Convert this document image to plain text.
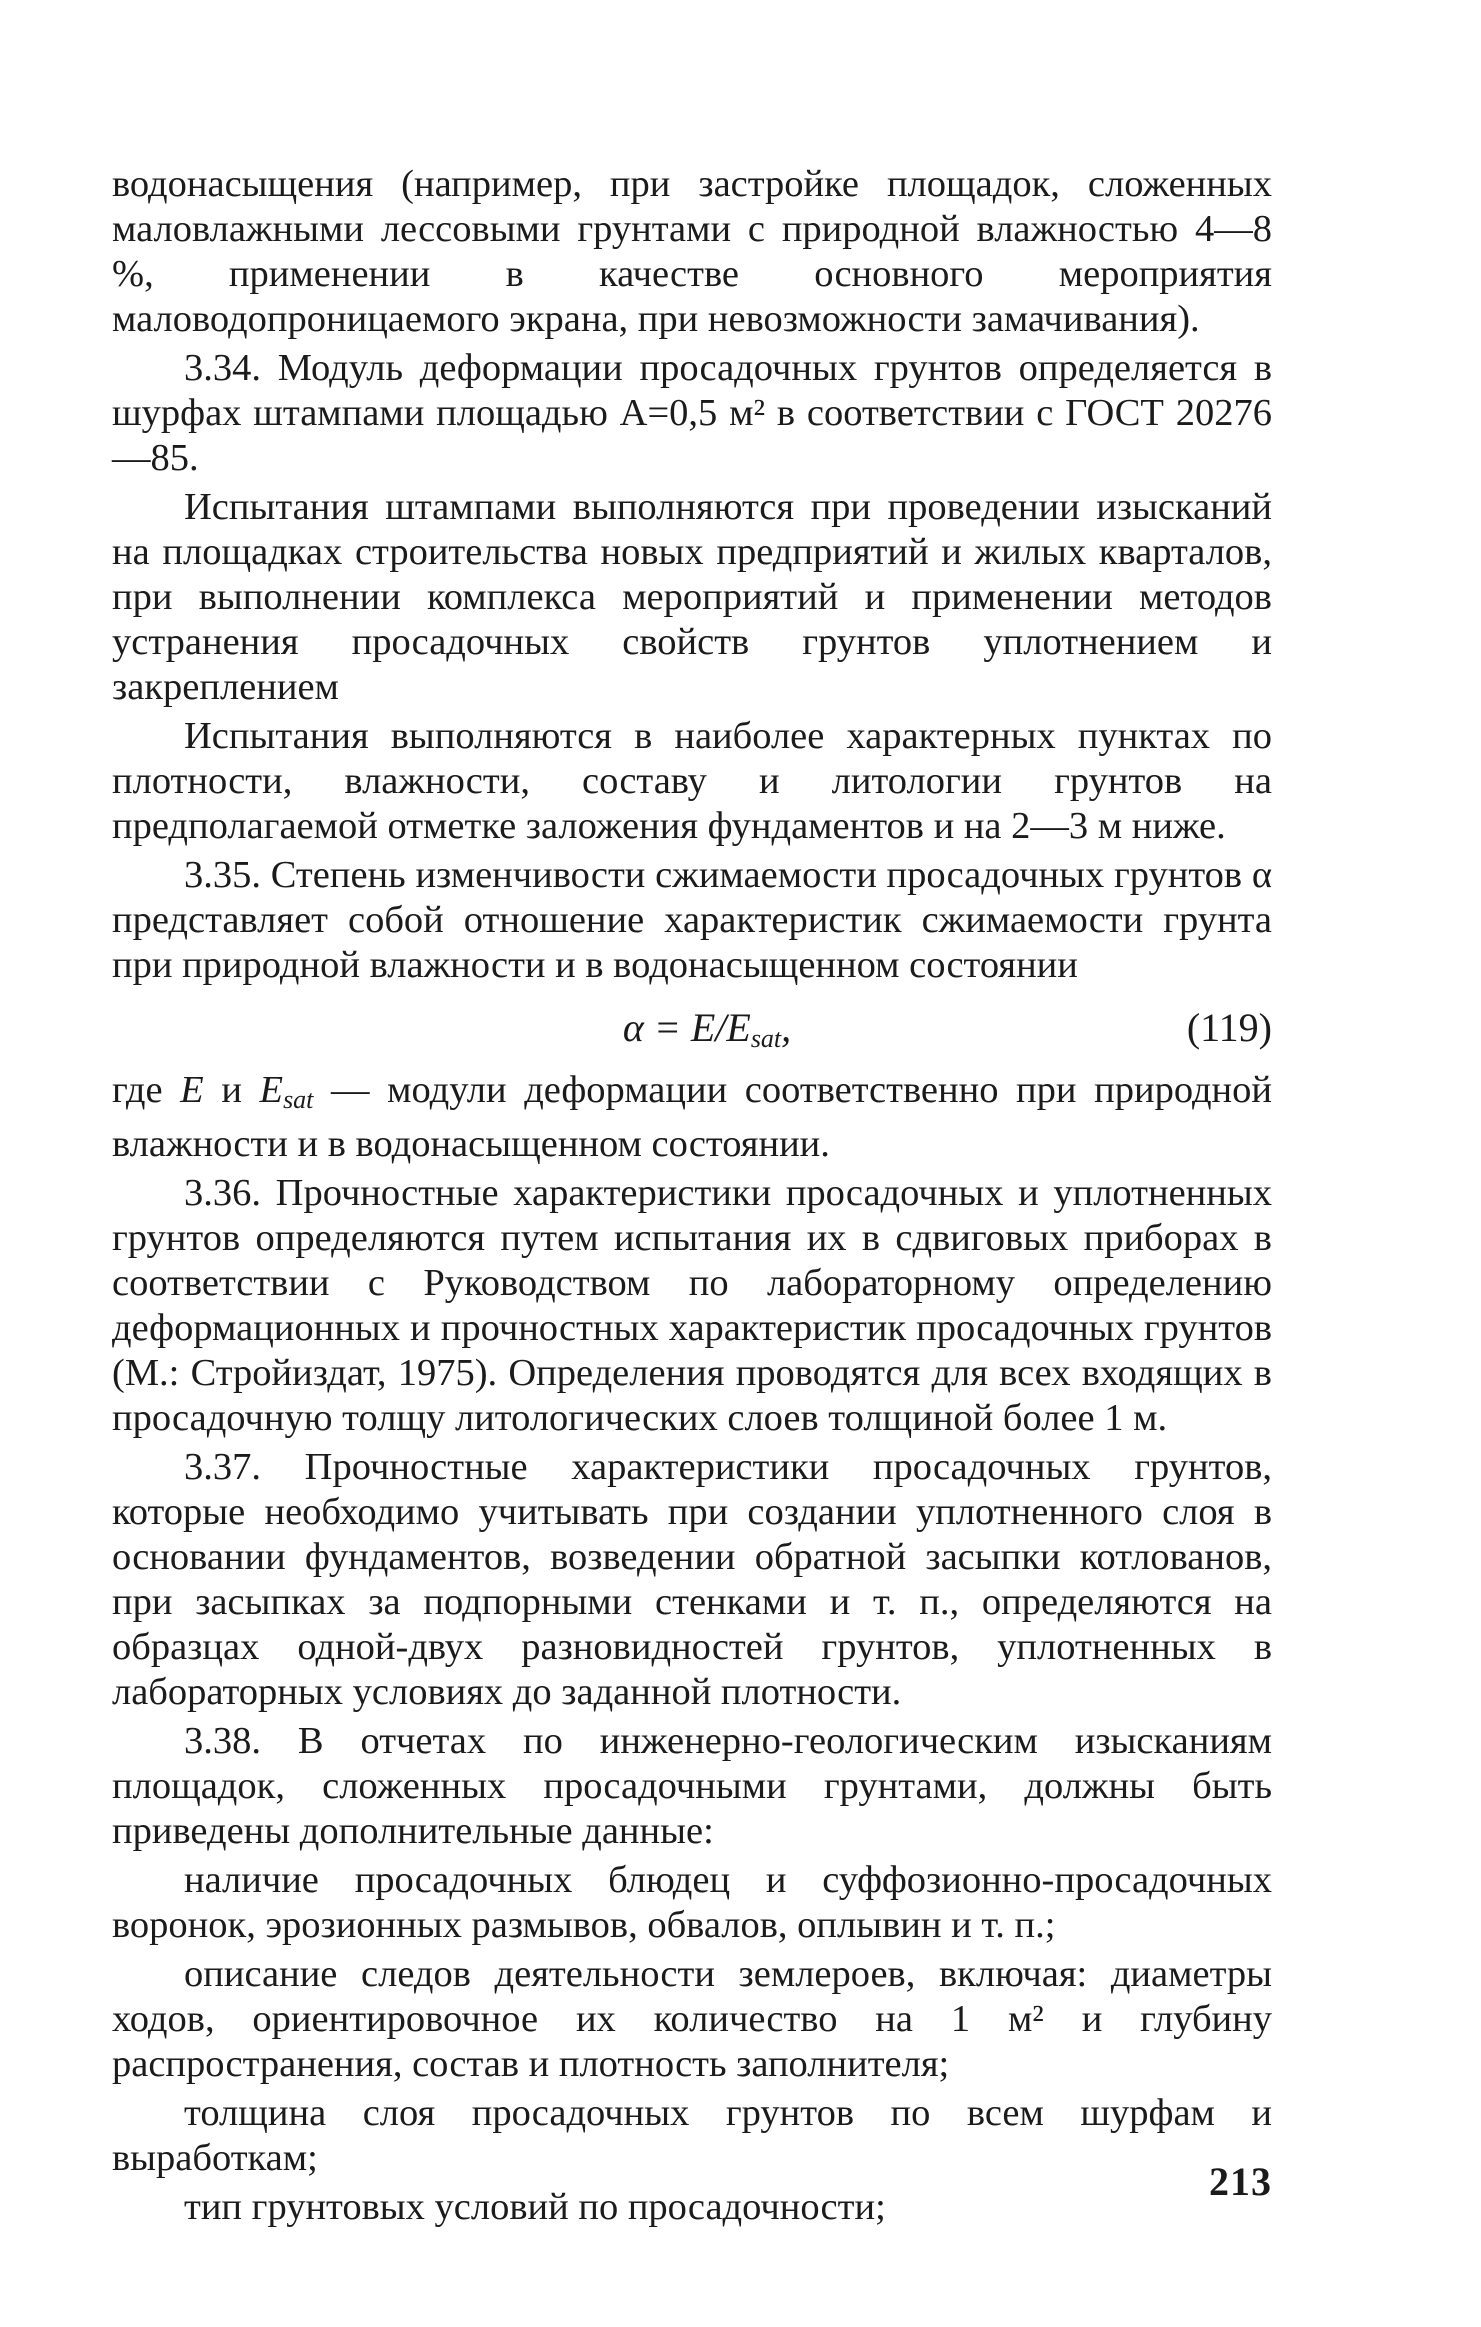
водонасыщения (например, при застройке площадок, сложенных маловлажными лессовыми грунтами с природной влажностью 4—8 %, применении в качестве основного мероприятия маловодопроницаемого экрана, при невозможности замачивания).

3.34. Модуль деформации просадочных грунтов определяется в шурфах штампами площадью A=0,5 м² в соответствии с ГОСТ 20276—85.

Испытания штампами выполняются при проведении изысканий на площадках строительства новых предприятий и жилых кварталов, при выполнении комплекса мероприятий и применении методов устранения просадочных свойств грунтов уплотнением и закреплением

Испытания выполняются в наиболее характерных пунктах по плотности, влажности, составу и литологии грунтов на предполагаемой отметке заложения фундаментов и на 2—3 м ниже.

3.35. Степень изменчивости сжимаемости просадочных грунтов α представляет собой отношение характеристик сжимаемости грунта при природной влажности и в водонасыщенном состоянии

$\alpha = E/E_{sat}$,	(119)

где E и $E_{sat}$ — модули деформации соответственно при природной влажности и в водонасыщенном состоянии.

3.36. Прочностные характеристики просадочных и уплотненных грунтов определяются путем испытания их в сдвиговых приборах в соответствии с Руководством по лабораторному определению деформационных и прочностных характеристик просадочных грунтов (М.: Стройиздат, 1975). Определения проводятся для всех входящих в просадочную толщу литологических слоев толщиной более 1 м.

3.37. Прочностные характеристики просадочных грунтов, которые необходимо учитывать при создании уплотненного слоя в основании фундаментов, возведении обратной засыпки котлованов, при засыпках за подпорными стенками и т. п., определяются на образцах одной-двух разновидностей грунтов, уплотненных в лабораторных условиях до заданной плотности.

3.38. В отчетах по инженерно-геологическим изысканиям площадок, сложенных просадочными грунтами, должны быть приведены дополнительные данные:

наличие просадочных блюдец и суффозионно-просадочных воронок, эрозионных размывов, обвалов, оплывин и т. п.;

описание следов деятельности землероев, включая: диаметры ходов, ориентировочное их количество на 1 м² и глубину распространения, состав и плотность заполнителя;

толщина слоя просадочных грунтов по всем шурфам и выработкам;

тип грунтовых условий по просадочности;

213
